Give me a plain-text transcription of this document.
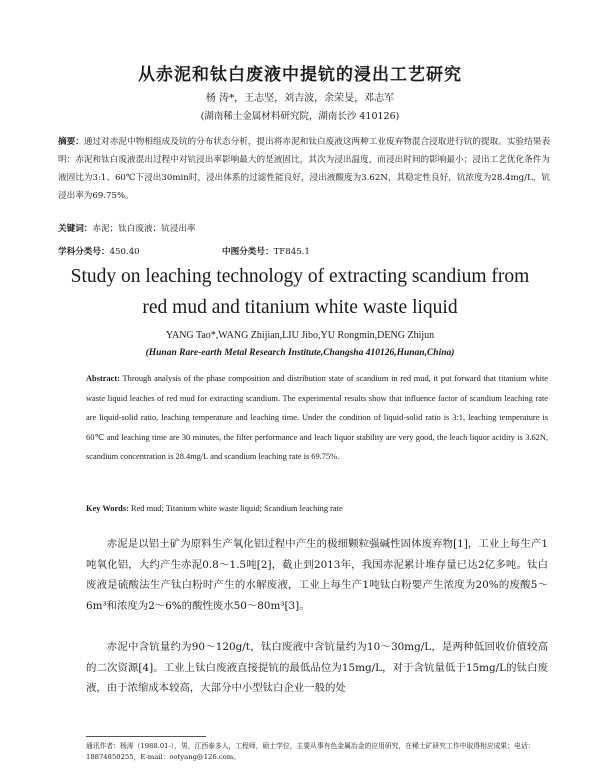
从赤泥和钛白废液中提钪的浸出工艺研究
杨 涛*，王志坚，刘吉波，余荣旻，邓志军
(湖南稀土金属材料研究院，湖南长沙 410126)
摘要：通过对赤泥中物相组成及钪的分布状态分析，提出将赤泥和钛白废液这两种工业废弃物混合浸取进行钪的提取。实验结果表明：赤泥和钛白废液混出过程中对钪浸出率影响最大的是液固比，其次为浸出温度，而浸出时间的影响最小；浸出工艺优化条件为液固比为3:1、60℃下浸出30min时，浸出体系的过滤性能良好，浸出液酸度为3.62N，其稳定性良好，钪浓度为28.4mg/L，钪浸出率为69.75%。
关键词：赤泥；钛白废液；钪浸出率
学科分类号：450.40	中图分类号：TF845.1
Study on leaching technology of extracting scandium from
red mud and titanium white waste liquid
YANG Tao*,WANG Zhijian,LIU Jibo,YU Rongmin,DENG Zhijun
(Hunan Rare-earth Metal Research Institute,Changsha 410126,Hunan,China)
Abstract: Through analysis of the phase composition and distribution state of scandium in red mud, it put forward that titanium white waste liquid leaches of red mud for extracting scandium. The experimental results show that influence factor of scandium leaching rate are liquid-solid ratio, leaching temperature and leaching time. Under the condition of liquid-solid ratio is 3:1, leaching temperature is 60℃ and leaching time are 30 minutes, the filter performance and leach liquor stability are very good, the leach liquor acidity is 3.62N, scandium concentration is 28.4mg/L and scandium leaching rate is 69.75%.
Key Words: Red mud; Titanium white waste liquid; Scandium leaching rate
赤泥是以铝土矿为原料生产氧化铝过程中产生的极细颗粒强碱性固体废弃物[1]，工业上每生产1吨氧化铝，大约产生赤泥0.8～1.5吨[2]，截止到2013年，我国赤泥累计堆存量已达2亿多吨。钛白废液是硫酸法生产钛白粉时产生的水解废液，工业上每生产1吨钛白粉要产生浓度为20%的废酸5～6m³和浓度为2～6%的酸性废水50～80m³[3]。
赤泥中含钪量约为90～120g/t，钛白废液中含钪量约为10～30mg/L，是两种低回收价值较高的二次资源[4]。工业上钛白废液直接提钪的最低品位为15mg/L，对于含钪量低于15mg/L的钛白废液，由于浓缩成本较高，大部分中小型钛白企业一般的处
通讯作者：杨涛（1988.01-），男，江西泰多人，工程师，硕士学位，主要从事有色金属冶金的应用研究，在稀土矿研究工作中取得相应成果；电话：18874850255，E-mail：ootyang@126.com。
